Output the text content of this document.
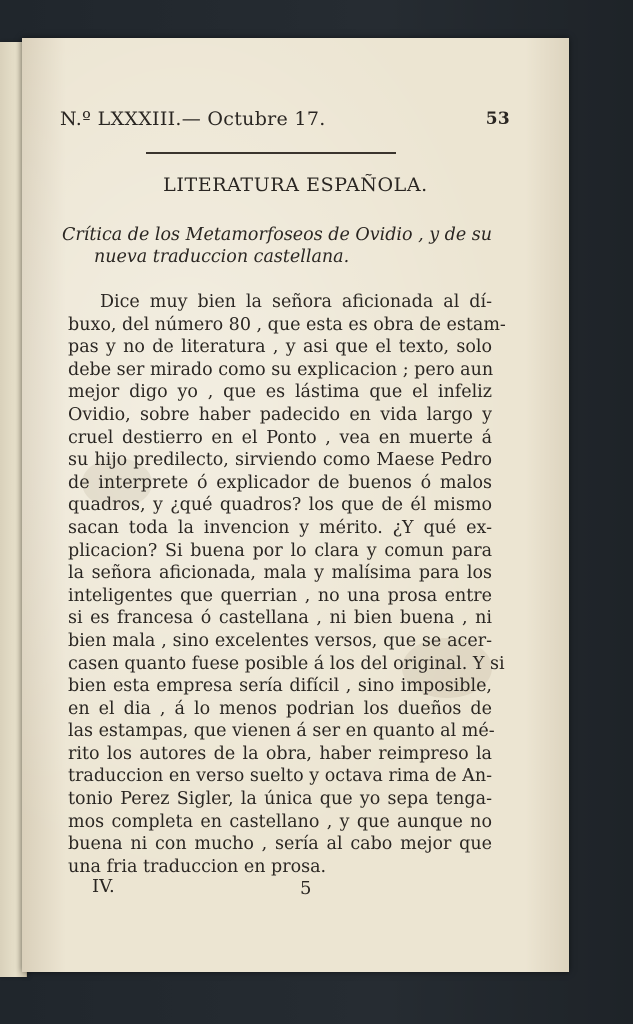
N.º LXXXIII.— Octubre 17.	53
LITERATURA ESPAÑOLA.
Crítica de los Metamorfoseos de Ovidio , y de su
nueva traduccion castellana.
Dice muy bien la señora aficionada al dí-
buxo, del número 80 , que esta es obra de estam-
pas y no de literatura , y asi que el texto, solo
debe ser mirado como su explicacion ; pero aun
mejor digo yo , que es lástima que el infeliz
Ovidio, sobre haber padecido en vida largo y
cruel destierro en el Ponto , vea en muerte á
su hijo predilecto, sirviendo como Maese Pedro
de interprete ó explicador de buenos ó malos
quadros, y ¿qué quadros? los que de él mismo
sacan toda la invencion y mérito. ¿Y qué ex-
plicacion? Si buena por lo clara y comun para
la señora aficionada, mala y malísima para los
inteligentes que querrian , no una prosa entre
si es francesa ó castellana , ni bien buena , ni
bien mala , sino excelentes versos, que se acer-
casen quanto fuese posible á los del original. Y si
bien esta empresa sería difícil , sino imposible,
en el dia , á lo menos podrian los dueños de
las estampas, que vienen á ser en quanto al mé-
rito los autores de la obra, haber reimpreso la
traduccion en verso suelto y octava rima de An-
tonio Perez Sigler, la única que yo sepa tenga-
mos completa en castellano , y que aunque no
buena ni con mucho , sería al cabo mejor que
una fria traduccion en prosa.
IV.	5
